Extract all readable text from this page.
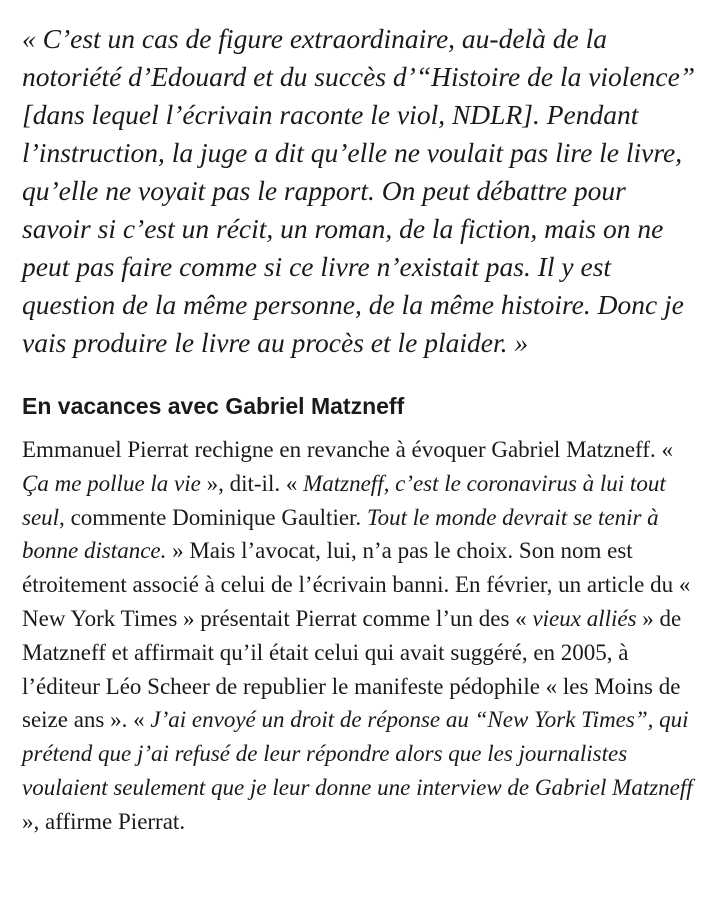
« C’est un cas de figure extraordinaire, au-delà de la notoriété d’Edouard et du succès d’“Histoire de la violence” [dans lequel l’écrivain raconte le viol, NDLR]. Pendant l’instruction, la juge a dit qu’elle ne voulait pas lire le livre, qu’elle ne voyait pas le rapport. On peut débattre pour savoir si c’est un récit, un roman, de la fiction, mais on ne peut pas faire comme si ce livre n’existait pas. Il y est question de la même personne, de la même histoire. Donc je vais produire le livre au procès et le plaider. »

En vacances avec Gabriel Matzneff

Emmanuel Pierrat rechigne en revanche à évoquer Gabriel Matzneff. « Ça me pollue la vie », dit-il. « Matzneff, c’est le coronavirus à lui tout seul, commente Dominique Gaultier. Tout le monde devrait se tenir à bonne distance. » Mais l’avocat, lui, n’a pas le choix. Son nom est étroitement associé à celui de l’écrivain banni. En février, un article du « New York Times » présentait Pierrat comme l’un des « vieux alliés » de Matzneff et affirmait qu’il était celui qui avait suggéré, en 2005, à l’éditeur Léo Scheer de republier le manifeste pédophile « les Moins de seize ans ». « J’ai envoyé un droit de réponse au “New York Times”, qui prétend que j’ai refusé de leur répondre alors que les journalistes voulaient seulement que je leur donne une interview de Gabriel Matzneff », affirme Pierrat.
